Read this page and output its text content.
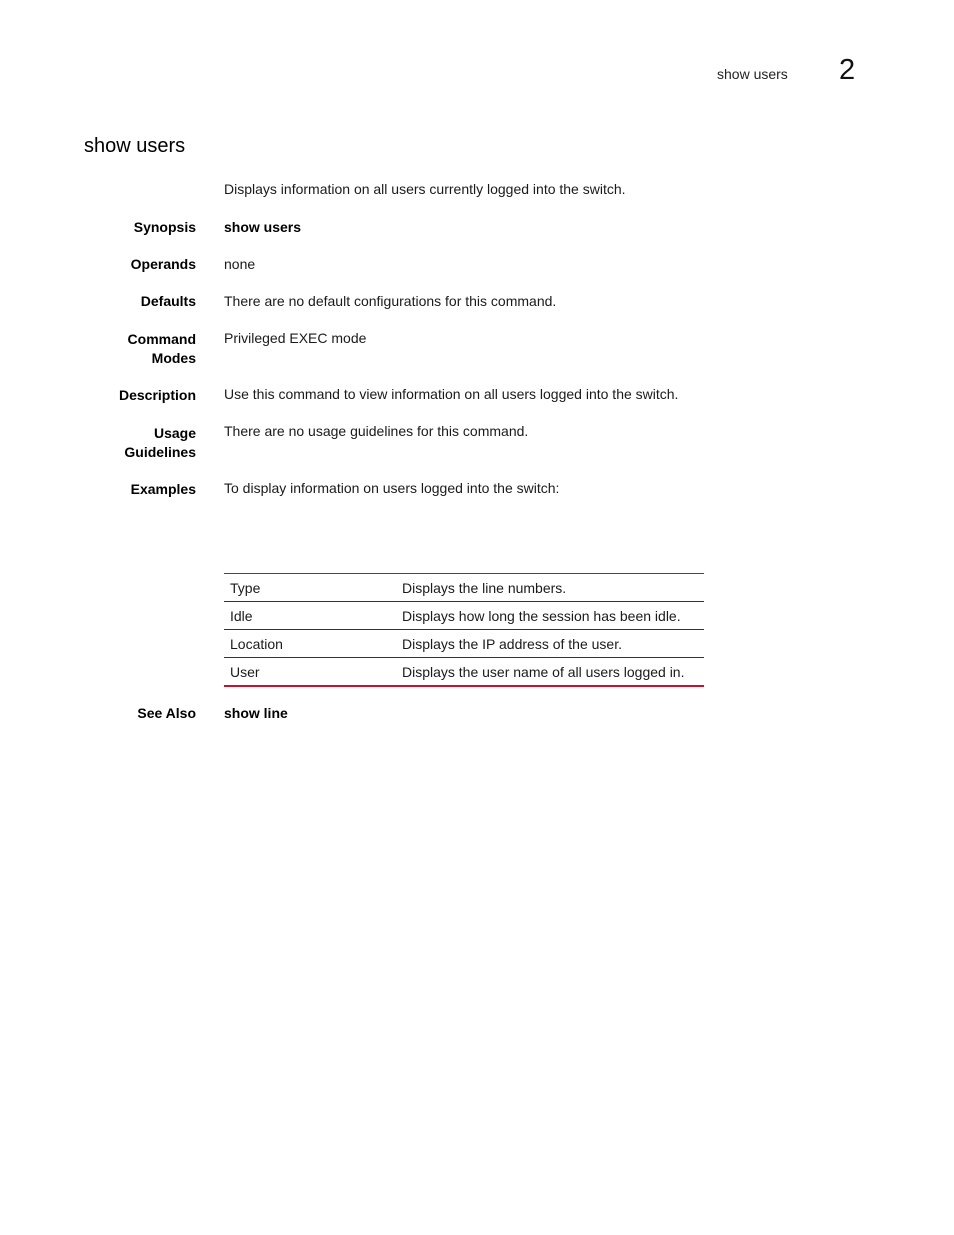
show users 2
show users
Displays information on all users currently logged into the switch.
Synopsis show users
Operands none
Defaults There are no default configurations for this command.
Command
Modes
Privileged EXEC mode
Description Use this command to view information on all users logged into the switch.
Usage
Guidelines
There are no usage guidelines for this command.
Examples To display information on users logged into the switch:
Type	Displays the line numbers.
Idle	Displays how long the session has been idle.
Location	Displays the IP address of the user.
User	Displays the user name of all users logged in.
See Also show line
